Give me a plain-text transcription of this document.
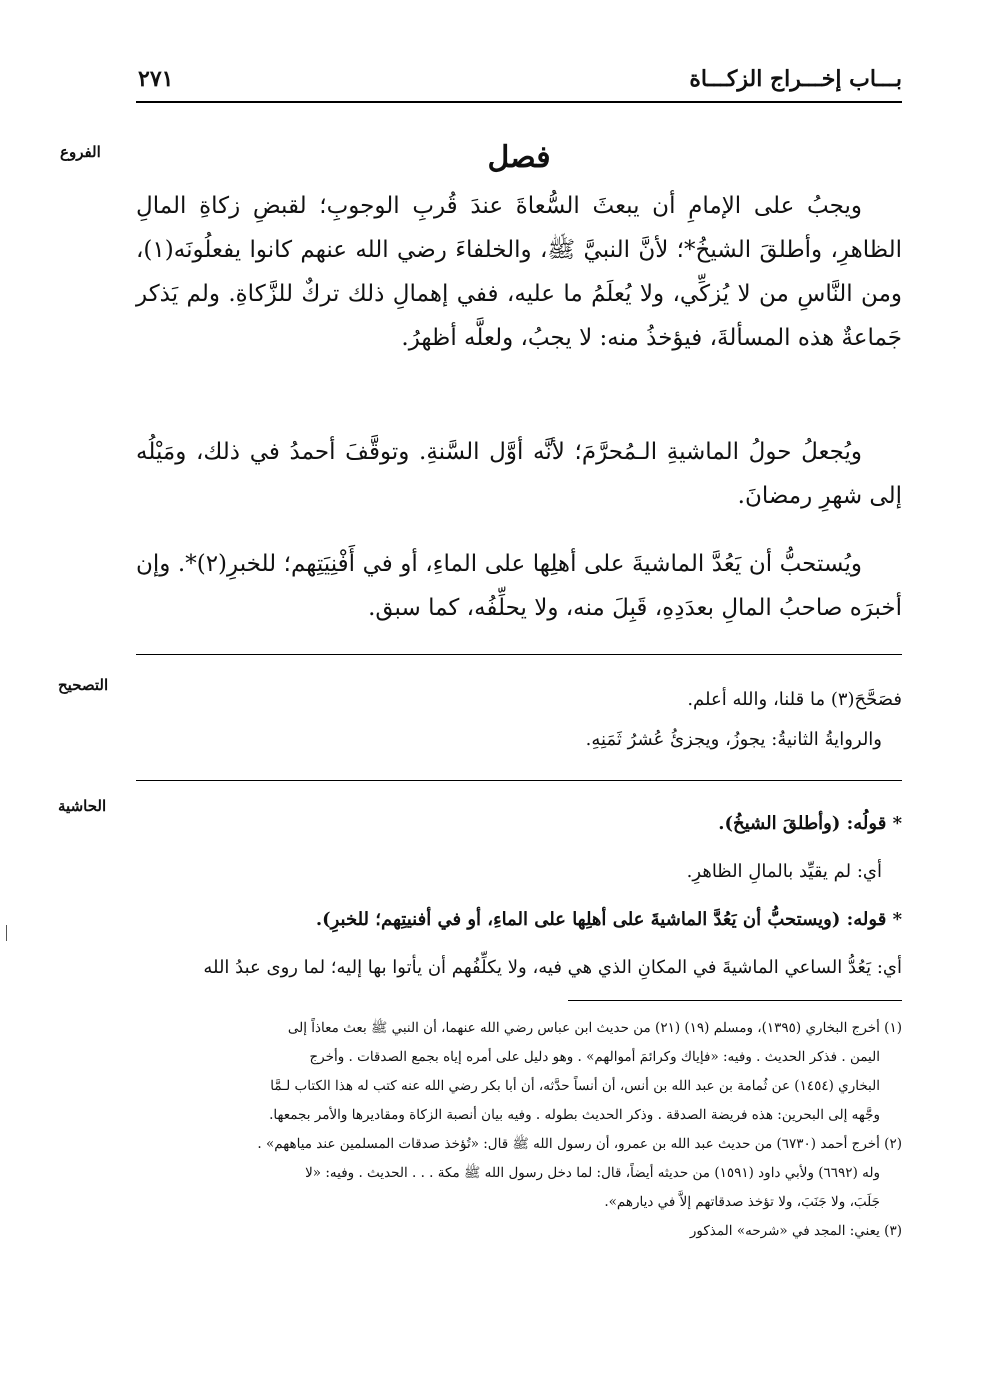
بـــاب إخـــراج الزكـــاة
٢٧١
الفروع
التصحيح
الحاشية
فصل

ويجبُ على الإمامِ أن يبعثَ السُّعاةَ عندَ قُربِ الوجوبِ؛ لقبضِ زكاةِ المالِ الظاهرِ، وأطلقَ الشيخُ*؛ لأنَّ النبيَّ ﷺ، والخلفاءَ رضي الله عنهم كانوا يفعلُونَه(١)، ومن النَّاسِ من لا يُزكِّي، ولا يُعلَمُ ما عليه، ففي إهمالِ ذلك تركٌ للزَّكاةِ. ولم يَذكر جَماعةٌ هذه المسألةَ، فيؤخذُ منه: لا يجبُ، ولعلَّه أظهرُ.

ويُجعلُ حولُ الماشيةِ الـمُحرَّمَ؛ لأنَّه أوَّل السَّنةِ. وتوقَّفَ أحمدُ في ذلك، ومَيْلُه إلى شهرِ رمضانَ.

ويُستحبُّ أن يَعُدَّ الماشيةَ على أهلِها على الماءِ، أو في أَفْنِيَتِهم؛ للخبرِ(٢)*. وإن أخبرَه صاحبُ المالِ بعدَدِهِ، قَبِلَ منه، ولا يحلِّفُه، كما سبق.

فصَحَّحَ(٣) ما قلنا، والله أعلم.

والروايةُ الثانيةُ: يجوزُ، ويجزئُ عُشرُ ثَمَنِهِ.

* قولُه: (وأطلقَ الشيخُ).

أي: لم يقيِّد بالمالِ الظاهرِ.

* قوله: (ويستحبُّ أن يَعُدَّ الماشيةَ على أهلِها على الماءِ، أو في أفنيتِهم؛ للخبرِ).

أي: يَعُدُّ الساعي الماشيةَ في المكانِ الذي هي فيه، ولا يكلِّفُهم أن يأتوا بها إليه؛ لما روى عبدُ الله

(١) أخرج البخاري (١٣٩٥)، ومسلم (١٩) (٢١) من حديث ابن عباس رضي الله عنهما، أن النبي ﷺ بعث معاذاً إلى

اليمن . فذكر الحديث . وفيه: «فإياك وكرائمَ أموالهم» . وهو دليل على أمره إياه بجمع الصدقات . وأخرج

البخاري (١٤٥٤) عن ثُمامة بن عبد الله بن أنس، أن أنساً حدَّثه، أن أبا بكر رضي الله عنه كتب له هذا الكتاب لـمَّا

وجَّهه إلى البحرين: هذه فريضة الصدقة . وذكر الحديث بطوله . وفيه بيان أنصبة الزكاة ومقاديرها والأمر بجمعها.

(٢) أخرج أحمد (٦٧٣٠) من حديث عبد الله بن عمرو، أن رسول الله ﷺ قال: «تُؤخذ صدقات المسلمين عند مياههم» .

وله (٦٦٩٢) ولأبي داود (١٥٩١) من حديثه أيضاً، قال: لما دخل رسول الله ﷺ مكة . . . الحديث . وفيه: «لا

جَلَبَ، ولا جَنَبَ، ولا تؤخذ صدقاتهم إلاَّ في ديارهم».

(٣) يعني: المجد في «شرحه» المذكور
